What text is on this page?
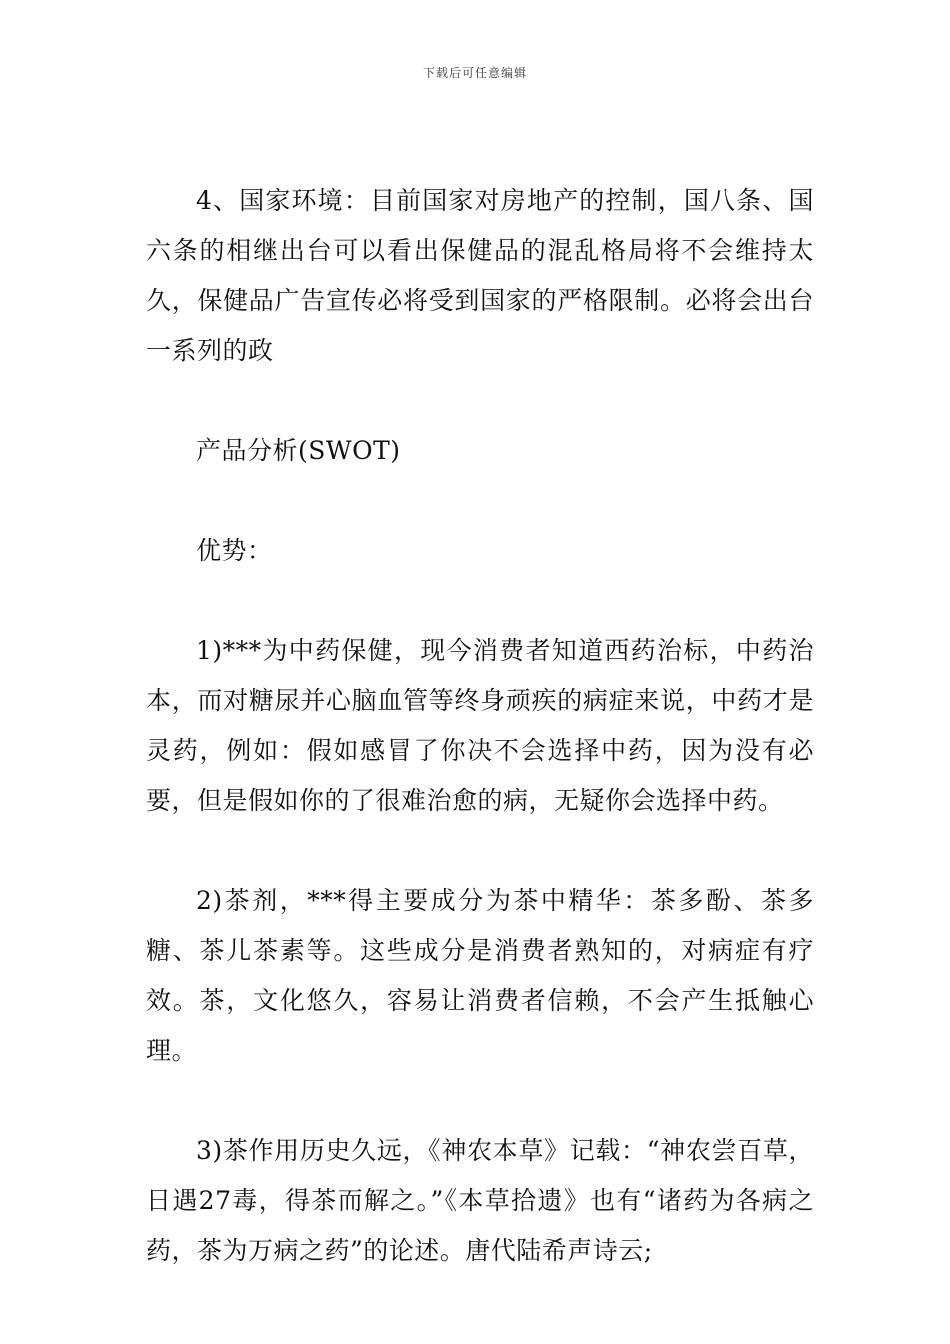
下载后可任意编辑

4、国家环境：目前国家对房地产的控制，国八条、国六条的相继出台可以看出保健品的混乱格局将不会维持太久，保健品广告宣传必将受到国家的严格限制。必将会出台一系列的政

产品分析(SWOT)

优势：

1)***为中药保健，现今消费者知道西药治标，中药治本，而对糖尿并心脑血管等终身顽疾的病症来说，中药才是灵药，例如：假如感冒了你决不会选择中药，因为没有必要，但是假如你的了很难治愈的病，无疑你会选择中药。

2)茶剂，***得主要成分为茶中精华：茶多酚、茶多糖、茶儿茶素等。这些成分是消费者熟知的，对病症有疗效。茶，文化悠久，容易让消费者信赖，不会产生抵触心理。

3)茶作用历史久远，《神农本草》记载：“神农尝百草，日遇27毒，得茶而解之。”《本草拾遗》也有“诸药为各病之药，茶为万病之药”的论述。唐代陆希声诗云;
